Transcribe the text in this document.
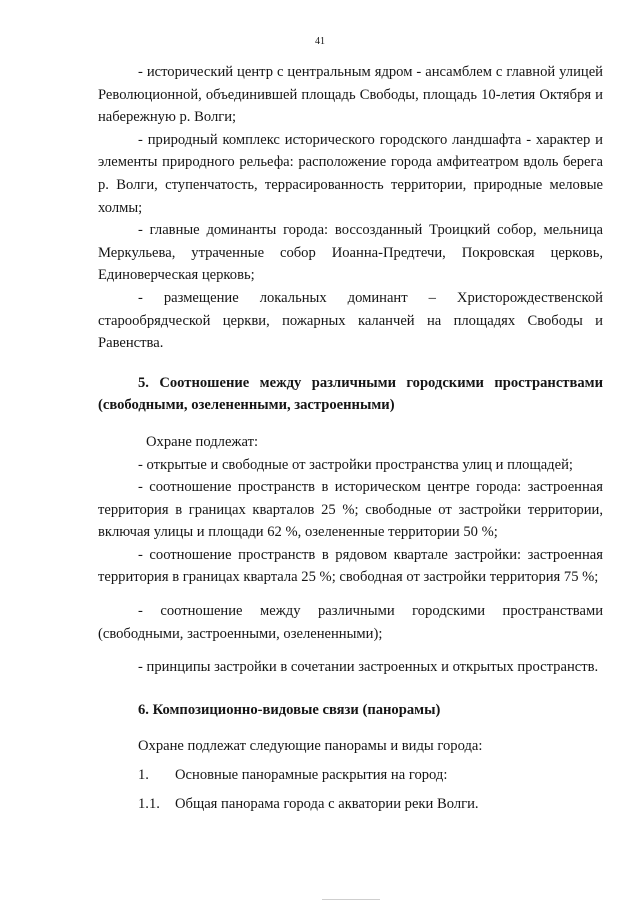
41

- исторический центр с центральным ядром - ансамблем с главной улицей Революционной, объединившей площадь Свободы, площадь 10-летия Октября и набережную р. Волги;

- природный комплекс исторического городского ландшафта - характер и элементы природного рельефа: расположение города амфитеатром вдоль берега р. Волги, ступенчатость, террасированность территории, природные меловые холмы;

- главные доминанты города: воссозданный Троицкий собор, мельница Меркульева, утраченные собор Иоанна-Предтечи, Покровская церковь, Единоверческая церковь;

- размещение локальных доминант – Христорождественской старообрядческой церкви, пожарных каланчей на площадях Свободы и Равенства.

5. Соотношение между различными городскими пространствами (свободными, озелененными, застроенными)

Охране подлежат:

- открытые и свободные от застройки пространства улиц и площадей;

- соотношение пространств в историческом центре города: застроенная территория в границах кварталов 25 %; свободные от застройки территории, включая улицы и площади 62 %, озелененные территории 50 %;

- соотношение пространств в рядовом квартале застройки: застроенная территория в границах квартала 25 %; свободная от застройки территория 75 %;

- соотношение между различными городскими пространствами (свободными, застроенными, озелененными);

- принципы застройки в сочетании застроенных и открытых пространств.

6. Композиционно-видовые связи (панорамы)

Охране подлежат следующие панорамы и виды города:

1.	Основные панорамные раскрытия на город:
1.1.	Общая панорама города с акватории реки Волги.
